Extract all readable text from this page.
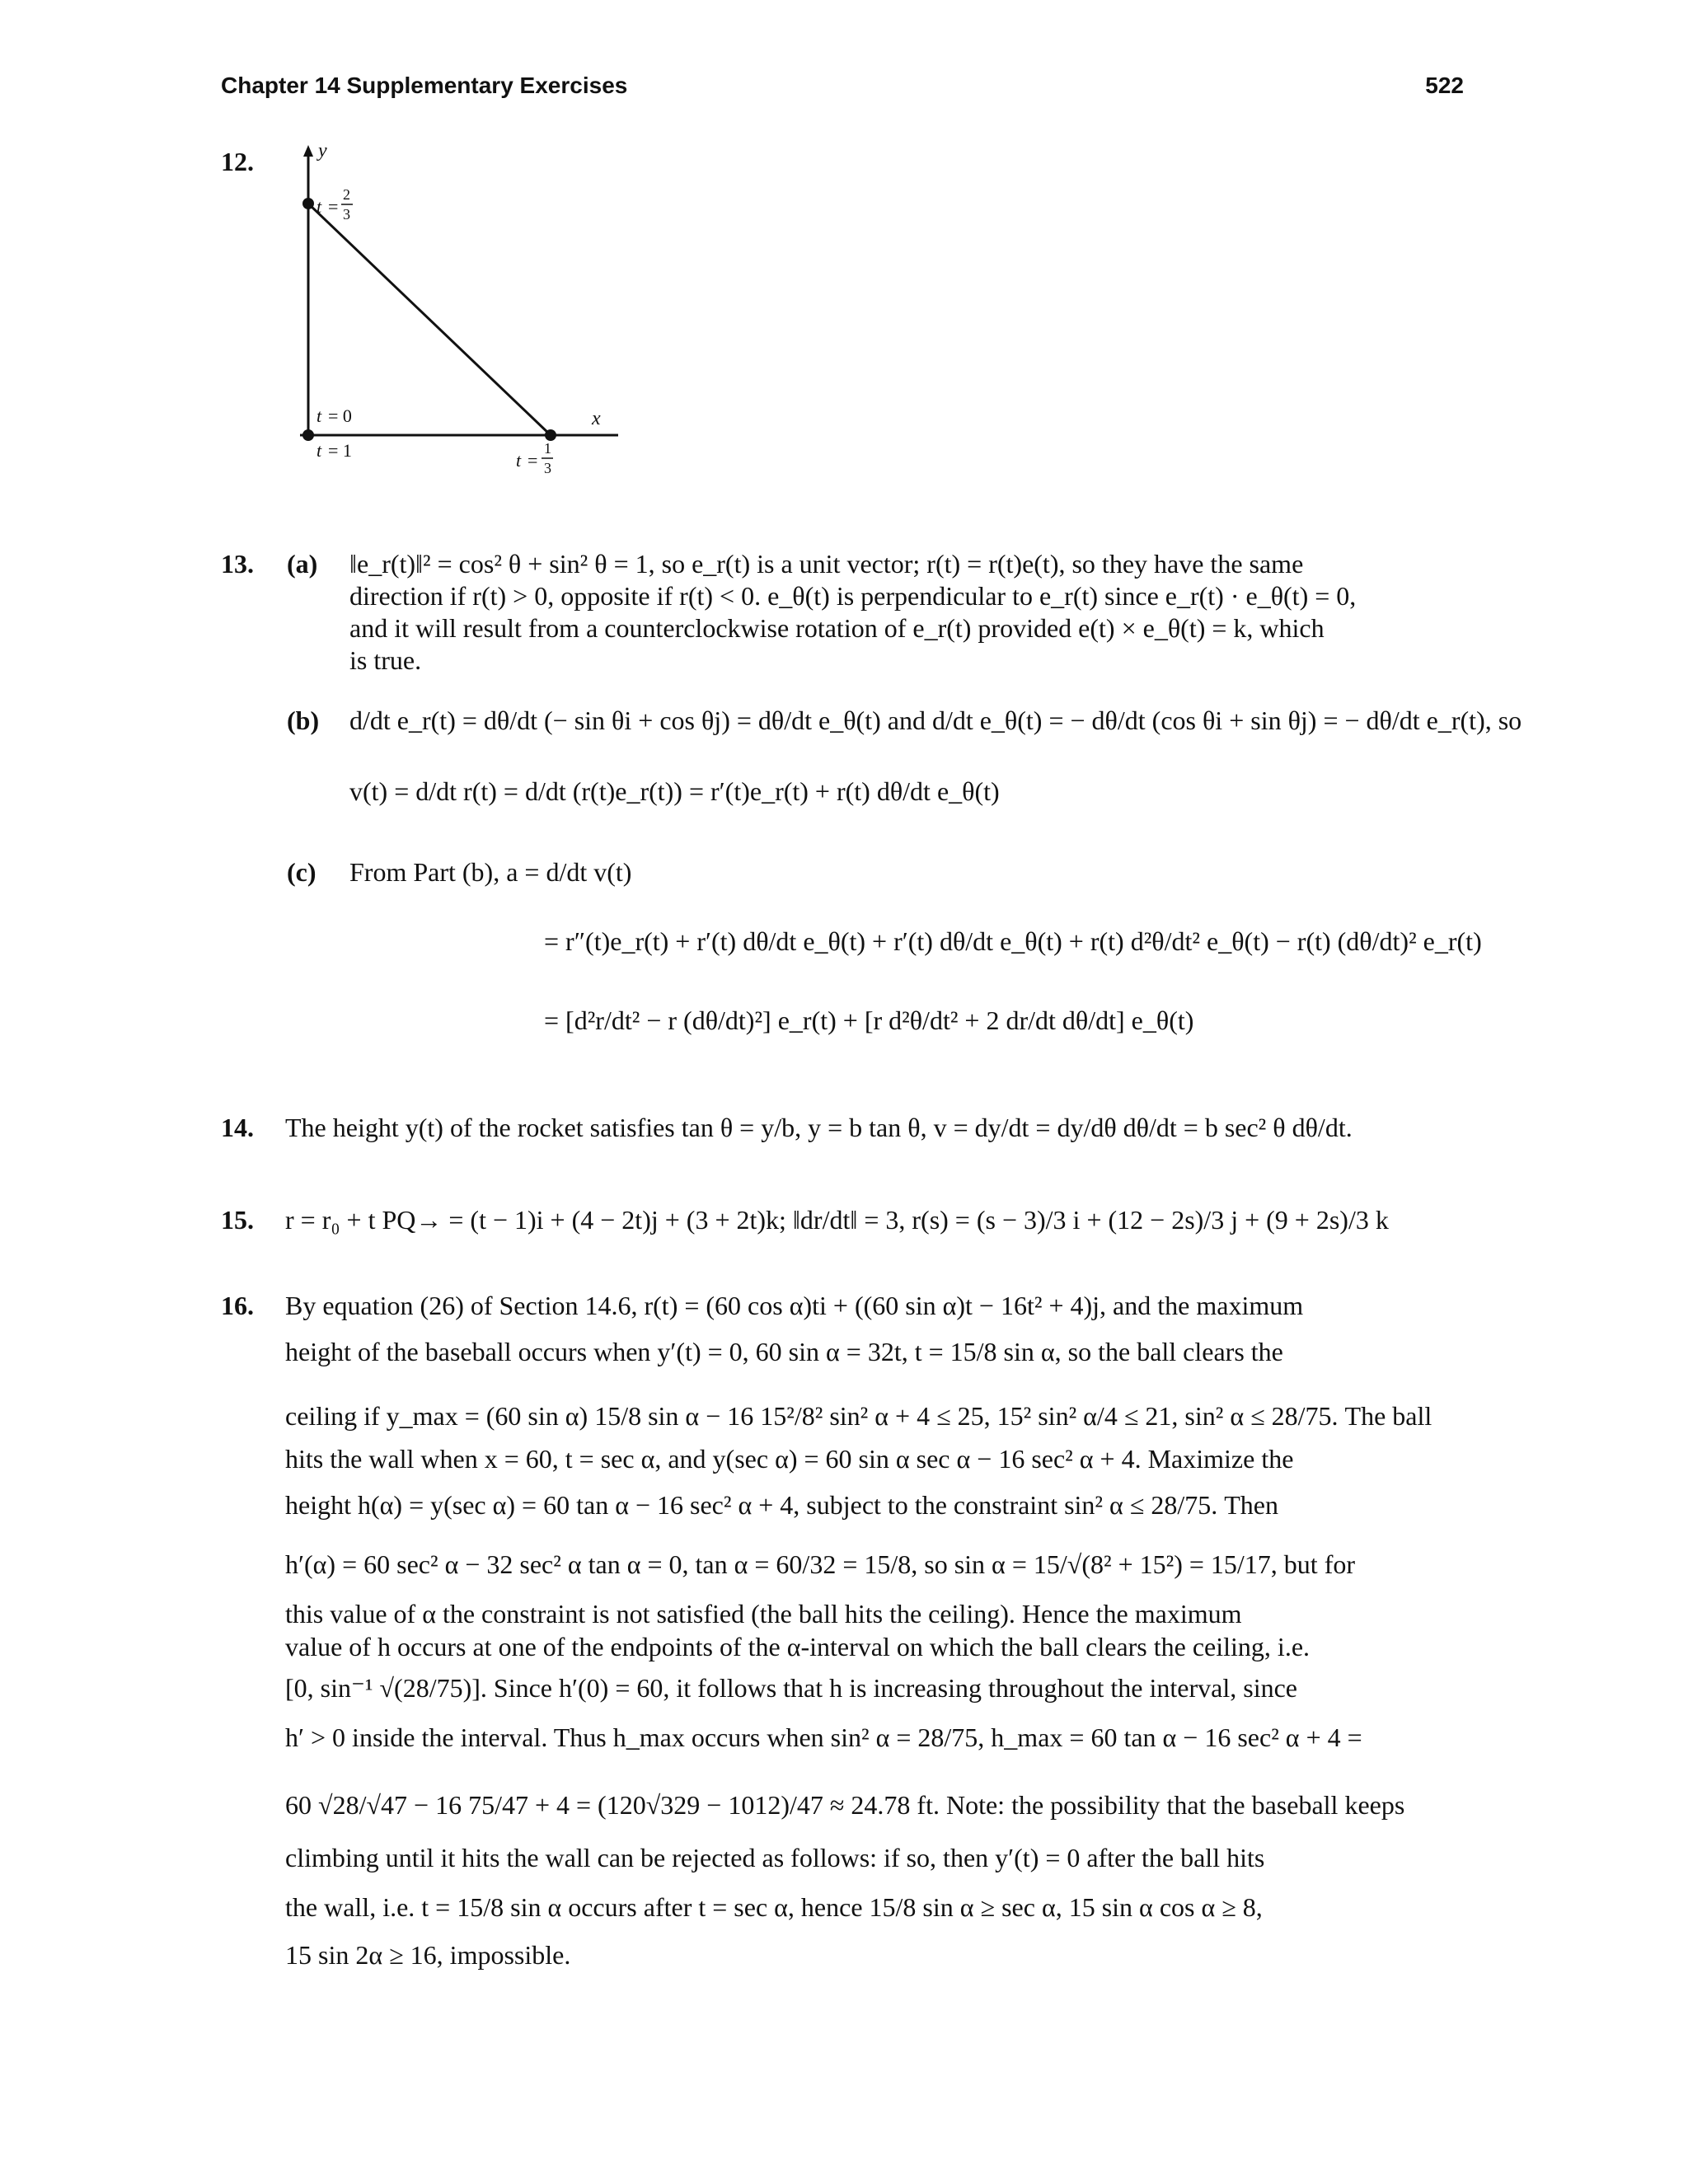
Chapter 14 Supplementary Exercises	522
12.	y
x
t =
2
3
t = 0
t = 1	t =
1
3
13. (a) ‖e_r(t)‖² = cos² θ + sin² θ = 1, so e_r(t) is a unit vector; r(t) = r(t)e(t), so they have the same
direction if r(t) > 0, opposite if r(t) < 0. e_θ(t) is perpendicular to e_r(t) since e_r(t) · e_θ(t) = 0,
and it will result from a counterclockwise rotation of e_r(t) provided e(t) × e_θ(t) = k, which
is true.
(b) d/dt e_r(t) = dθ/dt (− sin θi + cos θj) = dθ/dt e_θ(t) and d/dt e_θ(t) = − dθ/dt (cos θi + sin θj) = − dθ/dt e_r(t), so
v(t) = d/dt r(t) = d/dt (r(t)e_r(t)) = r′(t)e_r(t) + r(t) dθ/dt e_θ(t)
(c) From Part (b), a = d/dt v(t)
= r″(t)e_r(t) + r′(t) dθ/dt e_θ(t) + r′(t) dθ/dt e_θ(t) + r(t) d²θ/dt² e_θ(t) − r(t) (dθ/dt)² e_r(t)
= [d²r/dt² − r (dθ/dt)²] e_r(t) + [r d²θ/dt² + 2 dr/dt dθ/dt] e_θ(t)
14. The height y(t) of the rocket satisfies tan θ = y/b, y = b tan θ, v = dy/dt = dy/dθ dθ/dt = b sec² θ dθ/dt.
15. r = r₀ + t PQ→ = (t − 1)i + (4 − 2t)j + (3 + 2t)k; ‖dr/dt‖ = 3, r(s) = (s − 3)/3 i + (12 − 2s)/3 j + (9 + 2s)/3 k
16. By equation (26) of Section 14.6, r(t) = (60 cos α)ti + ((60 sin α)t − 16t² + 4)j, and the maximum
height of the baseball occurs when y′(t) = 0, 60 sin α = 32t, t = 15/8 sin α, so the ball clears the
ceiling if y_max = (60 sin α) 15/8 sin α − 16 15²/8² sin² α + 4 ≤ 25, 15² sin² α/4 ≤ 21, sin² α ≤ 28/75. The ball
hits the wall when x = 60, t = sec α, and y(sec α) = 60 sin α sec α − 16 sec² α + 4. Maximize the
height h(α) = y(sec α) = 60 tan α − 16 sec² α + 4, subject to the constraint sin² α ≤ 28/75. Then
h′(α) = 60 sec² α − 32 sec² α tan α = 0, tan α = 60/32 = 15/8, so sin α = 15/√(8² + 15²) = 15/17, but for
this value of α the constraint is not satisfied (the ball hits the ceiling). Hence the maximum
value of h occurs at one of the endpoints of the α-interval on which the ball clears the ceiling, i.e.
[0, sin⁻¹ √(28/75)]. Since h′(0) = 60, it follows that h is increasing throughout the interval, since
h′ > 0 inside the interval. Thus h_max occurs when sin² α = 28/75, h_max = 60 tan α − 16 sec² α + 4 =
60 √28/√47 − 16 75/47 + 4 = (120√329 − 1012)/47 ≈ 24.78 ft. Note: the possibility that the baseball keeps
climbing until it hits the wall can be rejected as follows: if so, then y′(t) = 0 after the ball hits
the wall, i.e. t = 15/8 sin α occurs after t = sec α, hence 15/8 sin α ≥ sec α, 15 sin α cos α ≥ 8,
15 sin 2α ≥ 16, impossible.
